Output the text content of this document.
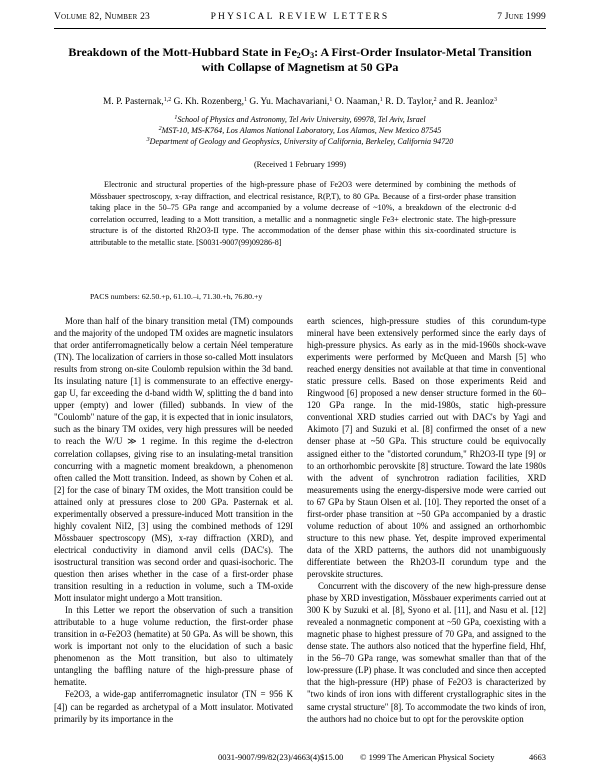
Volume 82, Number 23	PHYSICAL REVIEW LETTERS	7 June 1999
Breakdown of the Mott-Hubbard State in $Fe_2O_3$: A First-Order Insulator-Metal Transition
with Collapse of Magnetism at 50 GPa
M. P. Pasternak,$^{1,2}$ G. Kh. Rozenberg,$^1$ G. Yu. Machavariani,$^1$ O. Naaman,$^1$ R. D. Taylor,$^2$ and R. Jeanloz$^3$
$^1$School of Physics and Astronomy, Tel Aviv University, 69978, Tel Aviv, Israel
$^2$MST-10, MS-K764, Los Alamos National Laboratory, Los Alamos, New Mexico 87545
$^3$Department of Geology and Geophysics, University of California, Berkeley, California 94720
(Received 1 February 1999)

Electronic and structural properties of the high-pressure phase of Fe2O3 were determined by combining the methods of Mössbauer spectroscopy, x-ray diffraction, and electrical resistance, R(P,T), to 80 GPa. Because of a first-order phase transition taking place in the 50–75 GPa range and accompanied by a volume decrease of ~10%, a breakdown of the electronic d-d correlation occurred, leading to a Mott transition, a metallic and a nonmagnetic single Fe3+ electronic state. The high-pressure structure is of the distorted Rh2O3-II type. The accommodation of the denser phase within this six-coordinated structure is attributable to the metallic state. [S0031-9007(99)09286-8]

PACS numbers: 62.50.+p, 61.10.–i, 71.30.+h, 76.80.+y

More than half of the binary transition metal (TM) compounds and the majority of the undoped TM oxides are magnetic insulators that order antiferromagnetically below a certain Néel temperature (TN). The localization of carriers in those so-called Mott insulators results from strong on-site Coulomb repulsion within the 3d band. Its insulating nature [1] is commensurate to an effective energy-gap U, far exceeding the d-band width W, splitting the d band into upper (empty) and lower (filled) subbands. In view of the "Coulomb" nature of the gap, it is expected that in ionic insulators, such as the binary TM oxides, very high pressures will be needed to reach the W/U ≫ 1 regime. In this regime the d-electron correlation collapses, giving rise to an insulating-metal transition concurring with a magnetic moment breakdown, a phenomenon often called the Mott transition. Indeed, as shown by Cohen et al. [2] for the case of binary TM oxides, the Mott transition could be attained only at pressures close to 200 GPa. Pasternak et al. experimentally observed a pressure-induced Mott transition in the highly covalent NiI2, [3] using the combined methods of 129I Mössbauer spectroscopy (MS), x-ray diffraction (XRD), and electrical conductivity in diamond anvil cells (DAC's). The isostructural transition was second order and quasi-isochoric. The question then arises whether in the case of a first-order phase transition resulting in a reduction in volume, such a TM-oxide Mott insulator might undergo a Mott transition.

In this Letter we report the observation of such a transition attributable to a huge volume reduction, the first-order phase transition in α-Fe2O3 (hematite) at 50 GPa. As will be shown, this work is important not only to the elucidation of such a basic phenomenon as the Mott transition, but also to ultimately untangling the baffling nature of the high-pressure phase of hematite.

Fe2O3, a wide-gap antiferromagnetic insulator (TN = 956 K [4]) can be regarded as archetypal of a Mott insulator. Motivated primarily by its importance in the

earth sciences, high-pressure studies of this corundum-type mineral have been extensively performed since the early days of high-pressure physics. As early as in the mid-1960s shock-wave experiments were performed by McQueen and Marsh [5] who reached energy densities not available at that time in conventional static pressure cells. Based on those experiments Reid and Ringwood [6] proposed a new denser structure formed in the 60–120 GPa range. In the mid-1980s, static high-pressure conventional XRD studies carried out with DAC's by Yagi and Akimoto [7] and Suzuki et al. [8] confirmed the onset of a new denser phase at ~50 GPa. This structure could be equivocally assigned either to the "distorted corundum," Rh2O3-II type [9] or to an orthorhombic perovskite [8] structure. Toward the late 1980s with the advent of synchrotron radiation facilities, XRD measurements using the energy-dispersive mode were carried out to 67 GPa by Staun Olsen et al. [10]. They reported the onset of a first-order phase transition at ~50 GPa accompanied by a drastic volume reduction of about 10% and assigned an orthorhombic structure to this new phase. Yet, despite improved experimental data of the XRD patterns, the authors did not unambiguously differentiate between the Rh2O3-II corundum type and the perovskite structures.

Concurrent with the discovery of the new high-pressure dense phase by XRD investigation, Mössbauer experiments carried out at 300 K by Suzuki et al. [8], Syono et al. [11], and Nasu et al. [12] revealed a nonmagnetic component at ~50 GPa, coexisting with a magnetic phase to highest pressure of 70 GPa, and assigned to the dense state. The authors also noticed that the hyperfine field, Hhf, in the 56–70 GPa range, was somewhat smaller than that of the low-pressure (LP) phase. It was concluded and since then accepted that the high-pressure (HP) phase of Fe2O3 is characterized by "two kinds of iron ions with different crystallographic sites in the same crystal structure" [8]. To accommodate the two kinds of iron, the authors had no choice but to opt for the perovskite option

0031-9007/99/82(23)/4663(4)$15.00 © 1999 The American Physical Society	4663
